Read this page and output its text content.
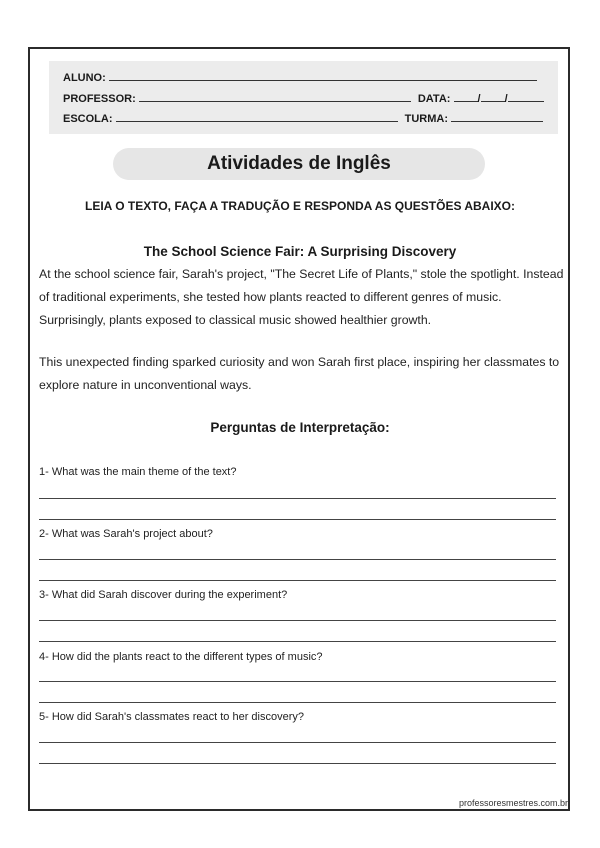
ALUNO:
PROFESSOR:	DATA: / /
ESCOLA:	TURMA:
Atividades de Inglês
LEIA O TEXTO, FAÇA A TRADUÇÃO E RESPONDA AS QUESTÕES ABAIXO:
The School Science Fair: A Surprising Discovery
At the school science fair, Sarah's project, "The Secret Life of Plants," stole the spotlight. Instead of traditional experiments, she tested how plants reacted to different genres of music. Surprisingly, plants exposed to classical music showed healthier growth.
This unexpected finding sparked curiosity and won Sarah first place, inspiring her classmates to explore nature in unconventional ways.
Perguntas de Interpretação:
1- What was the main theme of the text?
2- What was Sarah's project about?
3- What did Sarah discover during the experiment?
4- How did the plants react to the different types of music?
5- How did Sarah's classmates react to her discovery?
professoresmestres.com.br
